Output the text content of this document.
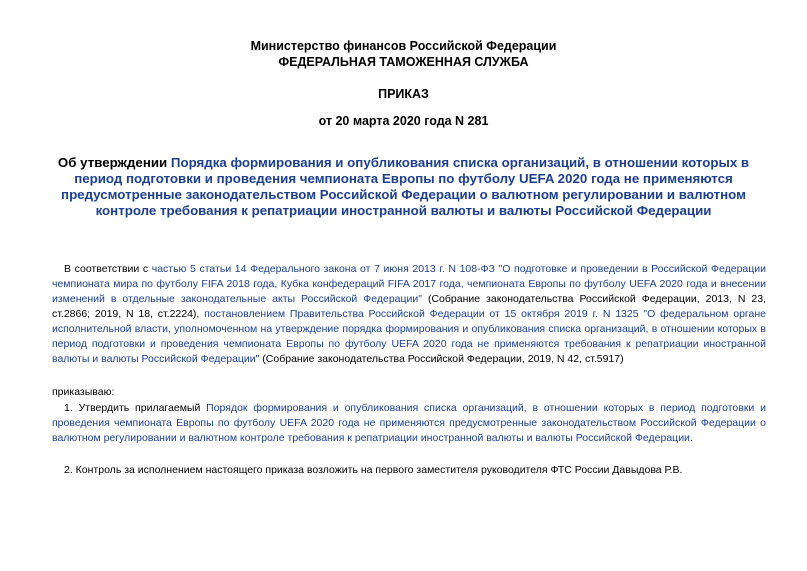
Министерство финансов Российской Федерации
ФЕДЕРАЛЬНАЯ ТАМОЖЕННАЯ СЛУЖБА
ПРИКАЗ
от 20 марта 2020 года N 281
Об утверждении Порядка формирования и опубликования списка организаций, в отношении которых в период подготовки и проведения чемпионата Европы по футболу UEFA 2020 года не применяются предусмотренные законодательством Российской Федерации о валютном регулировании и валютном контроле требования к репатриации иностранной валюты и валюты Российской Федерации
В соответствии с частью 5 статьи 14 Федерального закона от 7 июня 2013 г. N 108-ФЗ "О подготовке и проведении в Российской Федерации чемпионата мира по футболу FIFA 2018 года, Кубка конфедераций FIFA 2017 года, чемпионата Европы по футболу UEFA 2020 года и внесении изменений в отдельные законодательные акты Российской Федерации" (Собрание законодательства Российской Федерации, 2013, N 23, ст.2866; 2019, N 18, ст.2224), постановлением Правительства Российской Федерации от 15 октября 2019 г. N 1325 "О федеральном органе исполнительной власти, уполномоченном на утверждение порядка формирования и опубликования списка организаций, в отношении которых в период подготовки и проведения чемпионата Европы по футболу UEFA 2020 года не применяются требования к репатриации иностранной валюты и валюты Российской Федерации" (Собрание законодательства Российской Федерации, 2019, N 42, ст.5917)
приказываю:
1. Утвердить прилагаемый Порядок формирования и опубликования списка организаций, в отношении которых в период подготовки и проведения чемпионата Европы по футболу UEFA 2020 года не применяются предусмотренные законодательством Российской Федерации о валютном регулировании и валютном контроле требования к репатриации иностранной валюты и валюты Российской Федерации.
2. Контроль за исполнением настоящего приказа возложить на первого заместителя руководителя ФТС России Давыдова Р.В.
